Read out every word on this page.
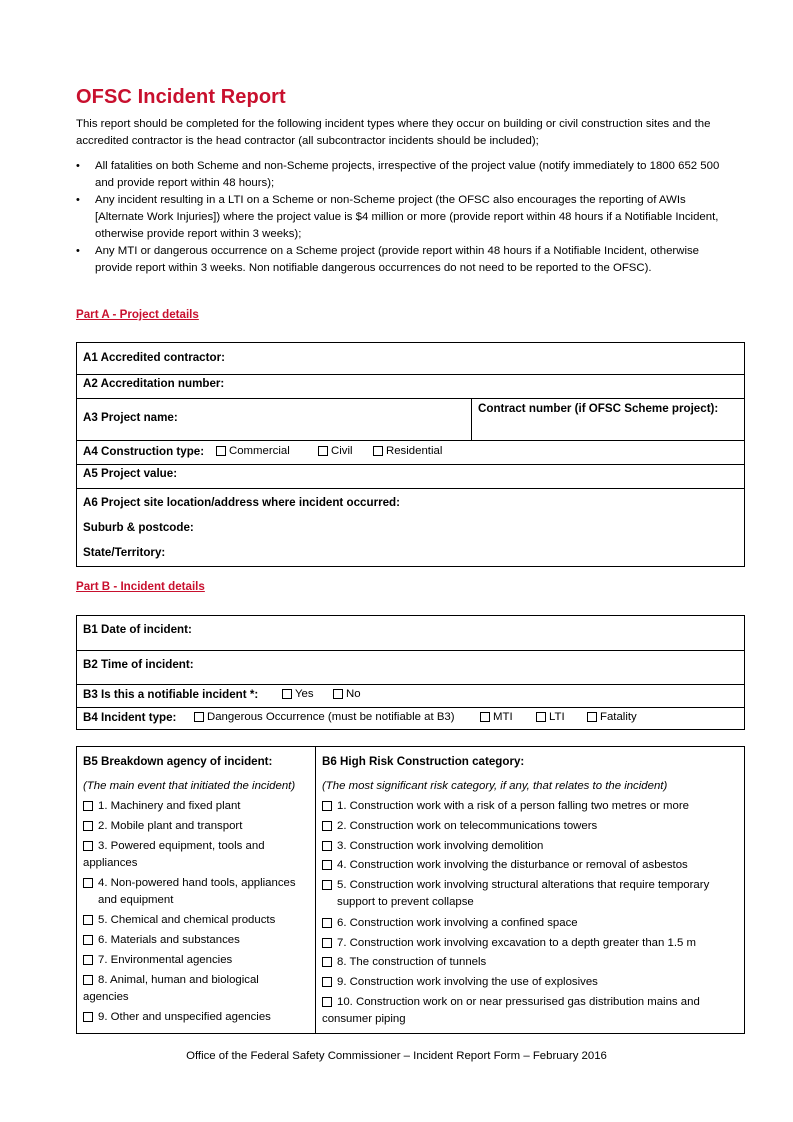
OFSC Incident Report

This report should be completed for the following incident types where they occur on building or civil construction sites and the accredited contractor is the head contractor (all subcontractor incidents should be included);

• All fatalities on both Scheme and non-Scheme projects, irrespective of the project value (notify immediately to 1800 652 500 and provide report within 48 hours);
• Any incident resulting in a LTI on a Scheme or non-Scheme project (the OFSC also encourages the reporting of AWIs [Alternate Work Injuries]) where the project value is $4 million or more (provide report within 48 hours if a Notifiable Incident, otherwise provide report within 3 weeks);
• Any MTI or dangerous occurrence on a Scheme project (provide report within 48 hours if a Notifiable Incident, otherwise provide report within 3 weeks. Non notifiable dangerous occurrences do not need to be reported to the OFSC).
Part A - Project details
A1 Accredited contractor:
A2 Accreditation number:
A3 Project name:
Contract number (if OFSC Scheme project):
A4 Construction type: Commercial	Civil	Residential
A5 Project value:
A6 Project site location/address where incident occurred:
Suburb & postcode:
State/Territory:
Part B - Incident details
B1 Date of incident:
B2 Time of incident:
B3 Is this a notifiable incident *:	Yes	No
B4 Incident type:	Dangerous Occurrence (must be notifiable at B3)	MTI	LTI	Fatality
B5 Breakdown agency of incident:
(The main event that initiated the incident)
1. Machinery and fixed plant
2. Mobile plant and transport
3. Powered equipment, tools and appliances
4. Non-powered hand tools, appliances and equipment
5. Chemical and chemical products
6. Materials and substances
7. Environmental agencies
8. Animal, human and biological agencies
9. Other and unspecified agencies
B6 High Risk Construction category:
(The most significant risk category, if any, that relates to the incident)
1. Construction work with a risk of a person falling two metres or more
2. Construction work on telecommunications towers
3. Construction work involving demolition
4. Construction work involving the disturbance or removal of asbestos
5. Construction work involving structural alterations that require temporary support to prevent collapse
6. Construction work involving a confined space
7. Construction work involving excavation to a depth greater than 1.5 m
8. The construction of tunnels
9. Construction work involving the use of explosives
10. Construction work on or near pressurised gas distribution mains and consumer piping
Office of the Federal Safety Commissioner – Incident Report Form – February 2016
